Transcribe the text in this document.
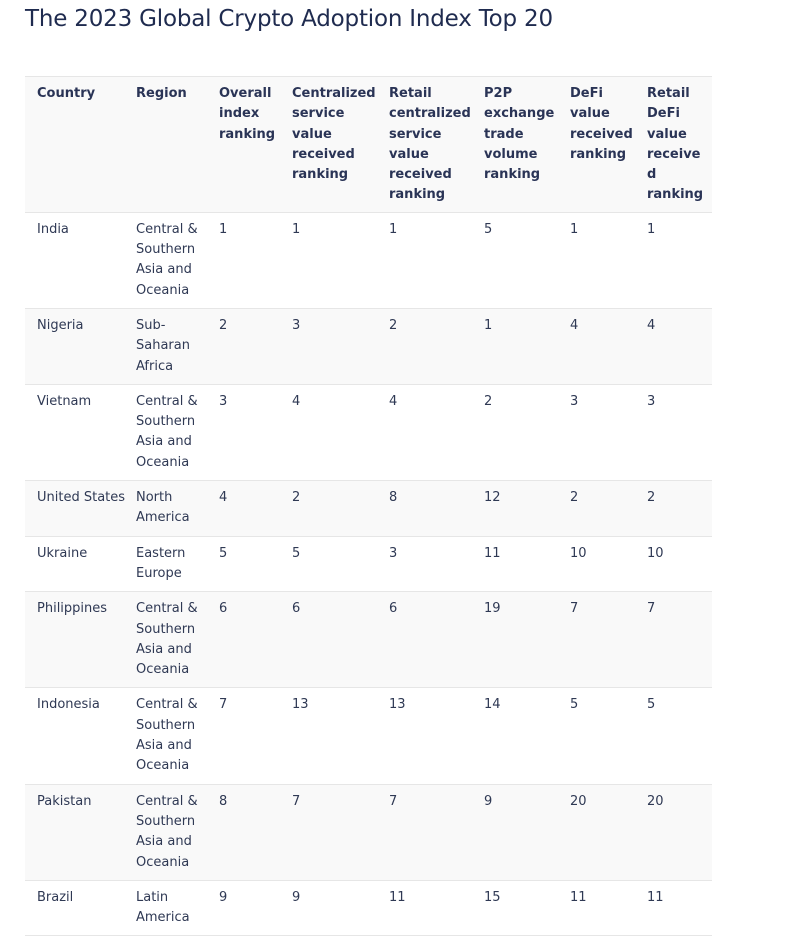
The 2023 Global Crypto Adoption Index Top 20
Country	Region	Overall index ranking	Centralized service value received ranking	Retail centralized service value received ranking	P2P exchange trade volume ranking	DeFi value received ranking	Retail DeFi value received ranking
India	Central & Southern Asia and Oceania	1	1	1	5	1	1
Nigeria	Sub-Saharan Africa	2	3	2	1	4	4
Vietnam	Central & Southern Asia and Oceania	3	4	4	2	3	3
United States	North America	4	2	8	12	2	2
Ukraine	Eastern Europe	5	5	3	11	10	10
Philippines	Central & Southern Asia and Oceania	6	6	6	19	7	7
Indonesia	Central & Southern Asia and Oceania	7	13	13	14	5	5
Pakistan	Central & Southern Asia and Oceania	8	7	7	9	20	20
Brazil	Latin America	9	9	11	15	11	11
